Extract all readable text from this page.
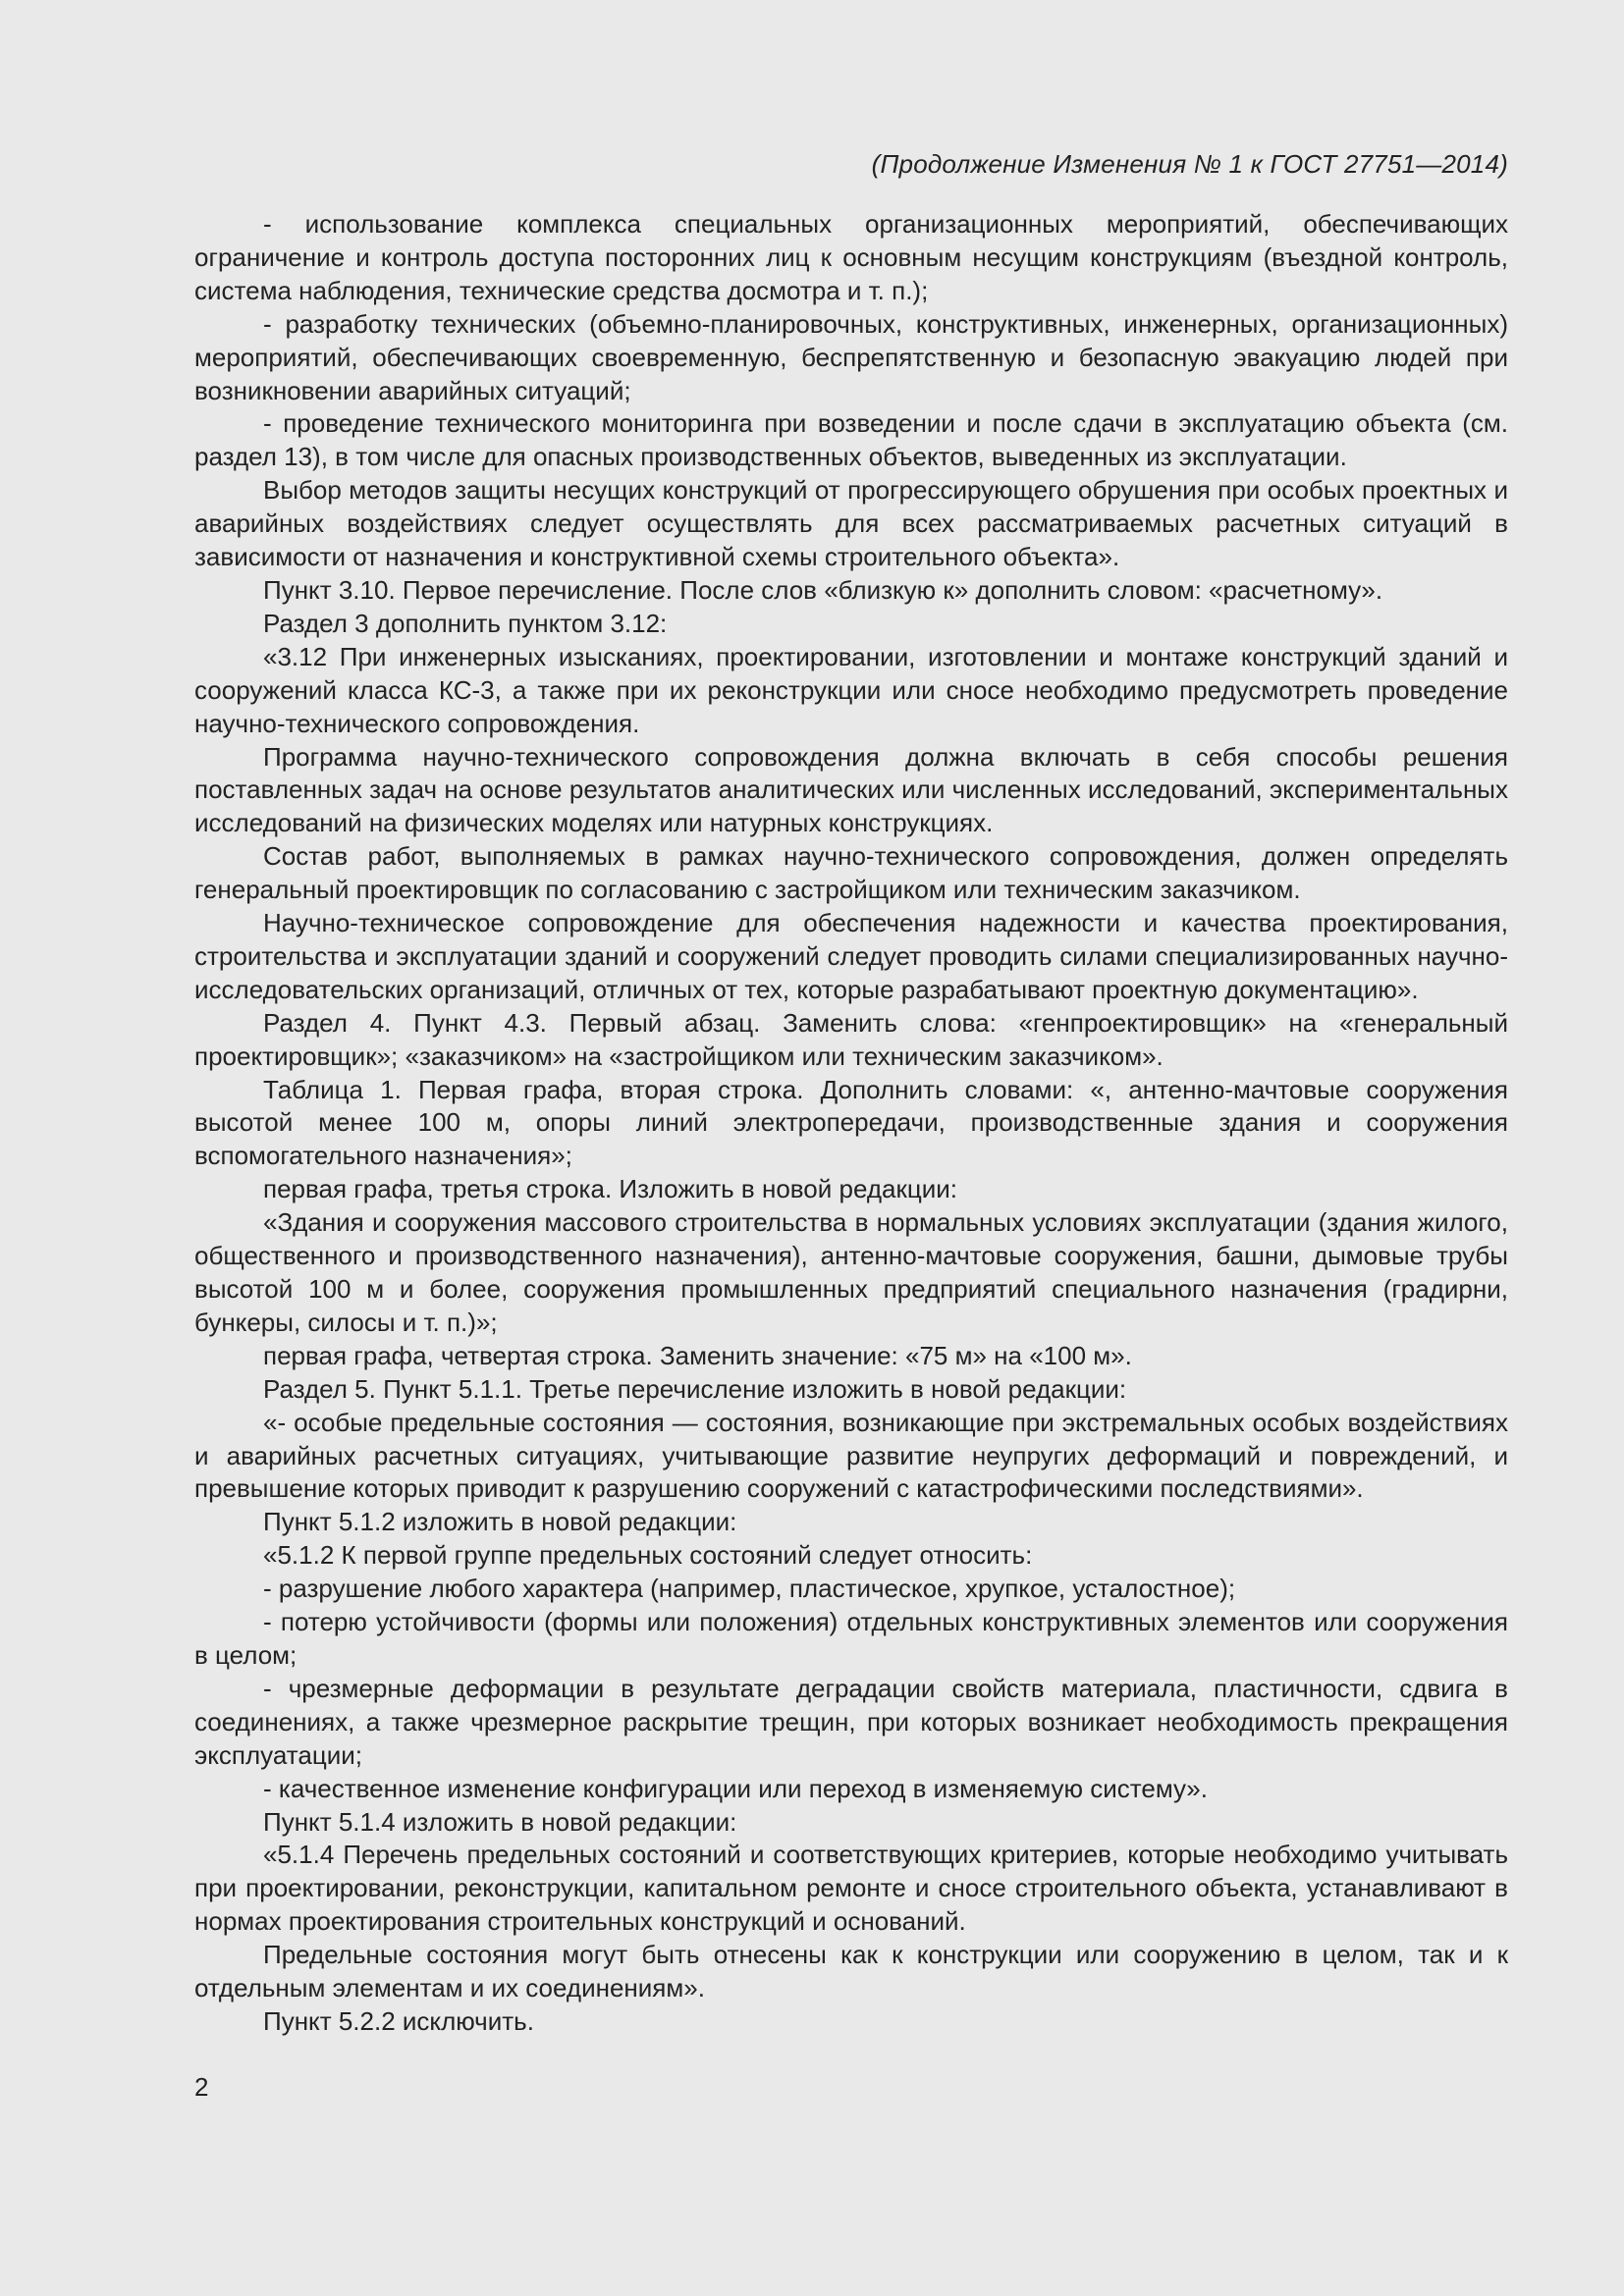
(Продолжение Изменения № 1 к ГОСТ 27751—2014)

- использование комплекса специальных организационных мероприятий, обеспечивающих ограничение и контроль доступа посторонних лиц к основным несущим конструкциям (въездной контроль, система наблюдения, технические средства досмотра и т. п.);

- разработку технических (объемно-планировочных, конструктивных, инженерных, организационных) мероприятий, обеспечивающих своевременную, беспрепятственную и безопасную эвакуацию людей при возникновении аварийных ситуаций;

- проведение технического мониторинга при возведении и после сдачи в эксплуатацию объекта (см. раздел 13), в том числе для опасных производственных объектов, выведенных из эксплуатации.

Выбор методов защиты несущих конструкций от прогрессирующего обрушения при особых проектных и аварийных воздействиях следует осуществлять для всех рассматриваемых расчетных ситуаций в зависимости от назначения и конструктивной схемы строительного объекта».

Пункт 3.10. Первое перечисление. После слов «близкую к» дополнить словом: «расчетному».

Раздел 3 дополнить пунктом 3.12:

«3.12 При инженерных изысканиях, проектировании, изготовлении и монтаже конструкций зданий и сооружений класса КС-3, а также при их реконструкции или сносе необходимо предусмотреть проведение научно-технического сопровождения.

Программа научно-технического сопровождения должна включать в себя способы решения поставленных задач на основе результатов аналитических или численных исследований, экспериментальных исследований на физических моделях или натурных конструкциях.

Состав работ, выполняемых в рамках научно-технического сопровождения, должен определять генеральный проектировщик по согласованию с застройщиком или техническим заказчиком.

Научно-техническое сопровождение для обеспечения надежности и качества проектирования, строительства и эксплуатации зданий и сооружений следует проводить силами специализированных научно-исследовательских организаций, отличных от тех, которые разрабатывают проектную документацию».

Раздел 4. Пункт 4.3. Первый абзац. Заменить слова: «генпроектировщик» на «генеральный проектировщик»; «заказчиком» на «застройщиком или техническим заказчиком».

Таблица 1. Первая графа, вторая строка. Дополнить словами: «, антенно-мачтовые сооружения высотой менее 100 м, опоры линий электропередачи, производственные здания и сооружения вспомогательного назначения»;

первая графа, третья строка. Изложить в новой редакции:

«Здания и сооружения массового строительства в нормальных условиях эксплуатации (здания жилого, общественного и производственного назначения), антенно-мачтовые сооружения, башни, дымовые трубы высотой 100 м и более, сооружения промышленных предприятий специального назначения (градирни, бункеры, силосы и т. п.)»;

первая графа, четвертая строка. Заменить значение: «75 м» на «100 м».

Раздел 5. Пункт 5.1.1. Третье перечисление изложить в новой редакции:

«- особые предельные состояния — состояния, возникающие при экстремальных особых воздействиях и аварийных расчетных ситуациях, учитывающие развитие неупругих деформаций и повреждений, и превышение которых приводит к разрушению сооружений с катастрофическими последствиями».

Пункт 5.1.2 изложить в новой редакции:

«5.1.2 К первой группе предельных состояний следует относить:

- разрушение любого характера (например, пластическое, хрупкое, усталостное);

- потерю устойчивости (формы или положения) отдельных конструктивных элементов или сооружения в целом;

- чрезмерные деформации в результате деградации свойств материала, пластичности, сдвига в соединениях, а также чрезмерное раскрытие трещин, при которых возникает необходимость прекращения эксплуатации;

- качественное изменение конфигурации или переход в изменяемую систему».

Пункт 5.1.4 изложить в новой редакции:

«5.1.4 Перечень предельных состояний и соответствующих критериев, которые необходимо учитывать при проектировании, реконструкции, капитальном ремонте и сносе строительного объекта, устанавливают в нормах проектирования строительных конструкций и оснований.

Предельные состояния могут быть отнесены как к конструкции или сооружению в целом, так и к отдельным элементам и их соединениям».

Пункт 5.2.2 исключить.

2
